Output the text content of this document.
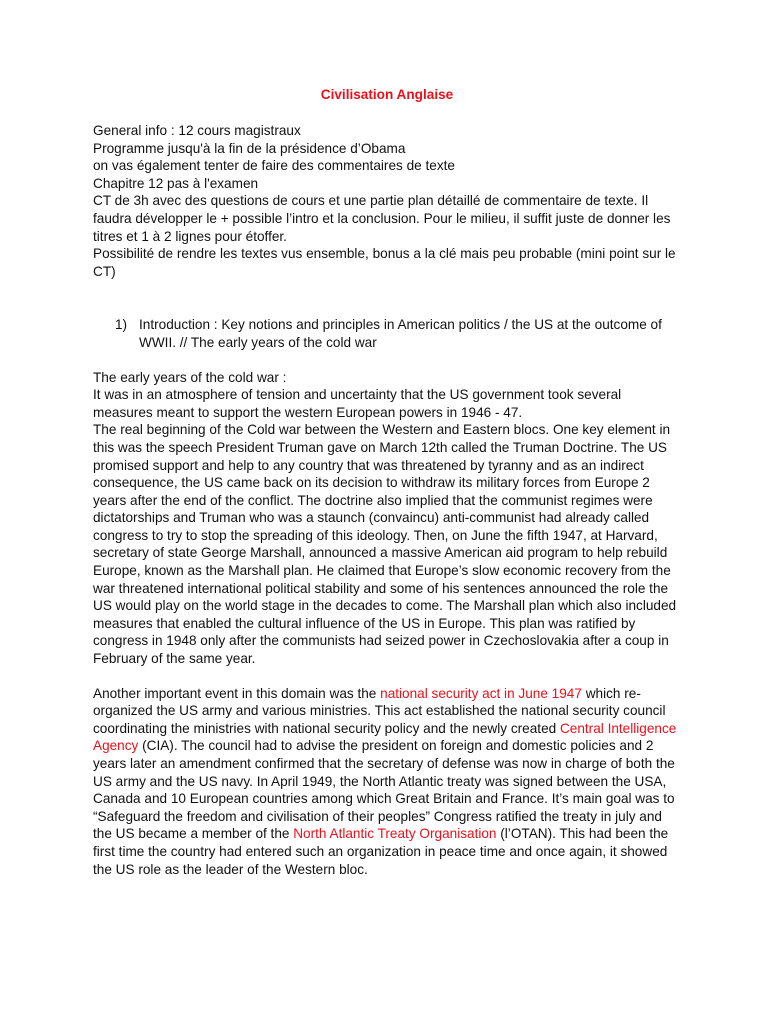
Civilisation Anglaise
General info : 12 cours magistraux
Programme jusqu'à la fin de la présidence d’Obama
on vas également tenter de faire des commentaires de texte
Chapitre 12 pas à l'examen
CT de 3h avec des questions de cours et une partie plan détaillé de commentaire de texte. Il faudra développer le + possible l’intro et la conclusion. Pour le milieu, il suffit juste de donner les titres et 1 à 2 lignes pour étoffer.
Possibilité de rendre les textes vus ensemble, bonus a la clé mais peu probable (mini point sur le CT)
1) Introduction : Key notions and principles in American politics / the US at the outcome of WWII. // The early years of the cold war
The early years of the cold war :
It was in an atmosphere of tension and uncertainty that the US government took several measures meant to support the western European powers in 1946 - 47.
The real beginning of the Cold war between the Western and Eastern blocs. One key element in this was the speech President Truman gave on March 12th called the Truman Doctrine. The US promised support and help to any country that was threatened by tyranny and as an indirect consequence, the US came back on its decision to withdraw its military forces from Europe 2 years after the end of the conflict. The doctrine also implied that the communist regimes were dictatorships and Truman who was a staunch (convaincu) anti-communist had already called congress to try to stop the spreading of this ideology. Then, on June the fifth 1947, at Harvard, secretary of state George Marshall, announced a massive American aid program to help rebuild Europe, known as the Marshall plan. He claimed that Europe’s slow economic recovery from the war threatened international political stability and some of his sentences announced the role the US would play on the world stage in the decades to come. The Marshall plan which also included measures that enabled the cultural influence of the US in Europe. This plan was ratified by congress in 1948 only after the communists had seized power in Czechoslovakia after a coup in February of the same year.

Another important event in this domain was the national security act in June 1947 which re-organized the US army and various ministries. This act established the national security council coordinating the ministries with national security policy and the newly created Central Intelligence Agency (CIA). The council had to advise the president on foreign and domestic policies and 2 years later an amendment confirmed that the secretary of defense was now in charge of both the US army and the US navy. In April 1949, the North Atlantic treaty was signed between the USA, Canada and 10 European countries among which Great Britain and France. It’s main goal was to “Safeguard the freedom and civilisation of their peoples” Congress ratified the treaty in july and the US became a member of the North Atlantic Treaty Organisation (l’OTAN). This had been the first time the country had entered such an organization in peace time and once again, it showed the US role as the leader of the Western bloc.
